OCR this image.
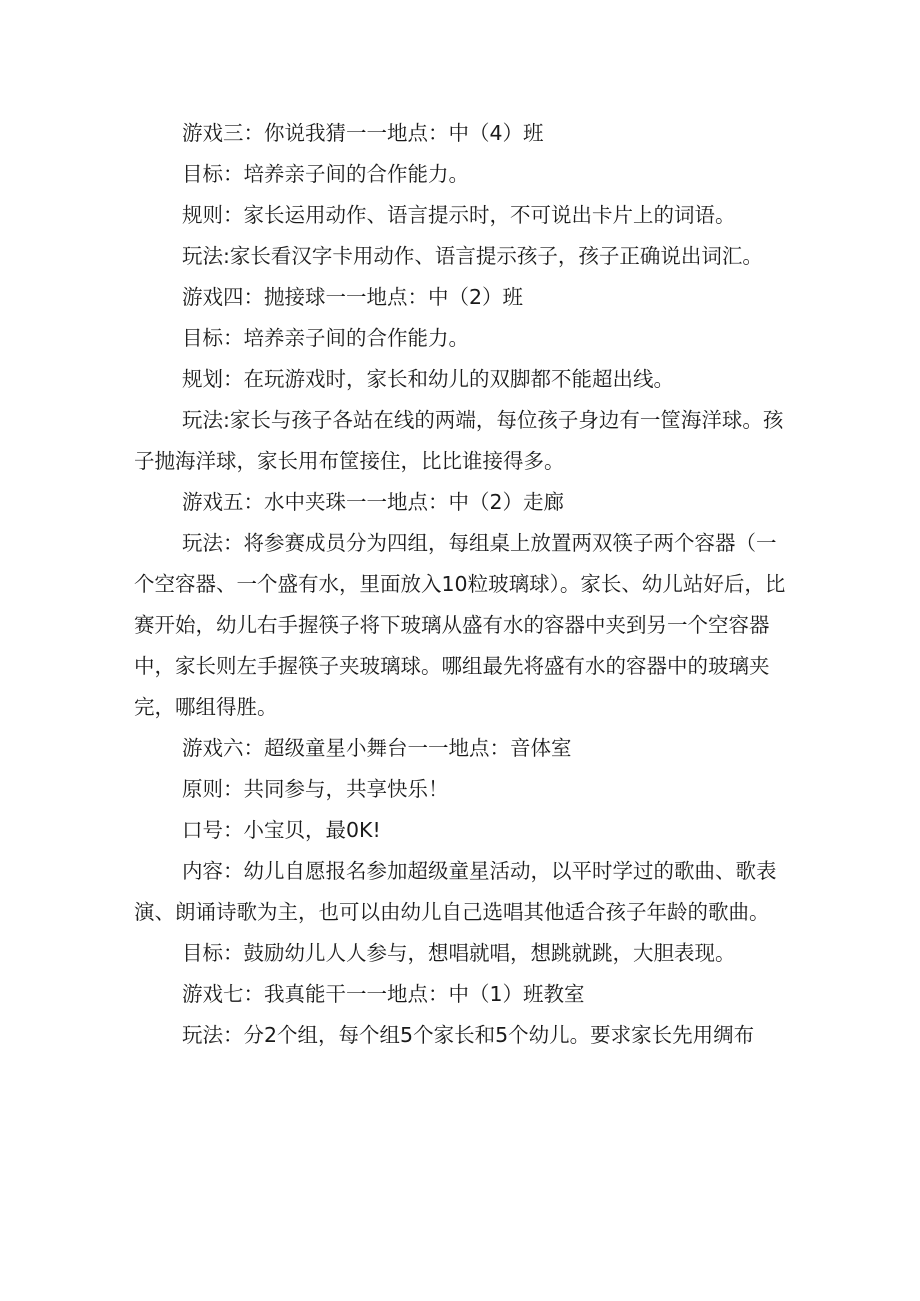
游戏三：你说我猜一一地点：中（4）班

目标：培养亲子间的合作能力。

规则：家长运用动作、语言提示时，不可说出卡片上的词语。

玩法:家长看汉字卡用动作、语言提示孩子，孩子正确说出词汇。

游戏四：抛接球一一地点：中（2）班

目标：培养亲子间的合作能力。

规划：在玩游戏时，家长和幼儿的双脚都不能超出线。

玩法:家长与孩子各站在线的两端，每位孩子身边有一筐海洋球。孩子抛海洋球，家长用布筐接住，比比谁接得多。

游戏五：水中夹珠一一地点：中（2）走廊

玩法：将参赛成员分为四组，每组桌上放置两双筷子两个容器（一个空容器、一个盛有水，里面放入10粒玻璃球）。家长、幼儿站好后，比赛开始，幼儿右手握筷子将下玻璃从盛有水的容器中夹到另一个空容器中，家长则左手握筷子夹玻璃球。哪组最先将盛有水的容器中的玻璃夹完，哪组得胜。

游戏六：超级童星小舞台一一地点：音体室

原则：共同参与，共享快乐！

口号：小宝贝，最0K!

内容：幼儿自愿报名参加超级童星活动，以平时学过的歌曲、歌表演、朗诵诗歌为主，也可以由幼儿自己选唱其他适合孩子年龄的歌曲。

目标：鼓励幼儿人人参与，想唱就唱，想跳就跳，大胆表现。

游戏七：我真能干一一地点：中（1）班教室

玩法：分2个组，每个组5个家长和5个幼儿。要求家长先用绸布
